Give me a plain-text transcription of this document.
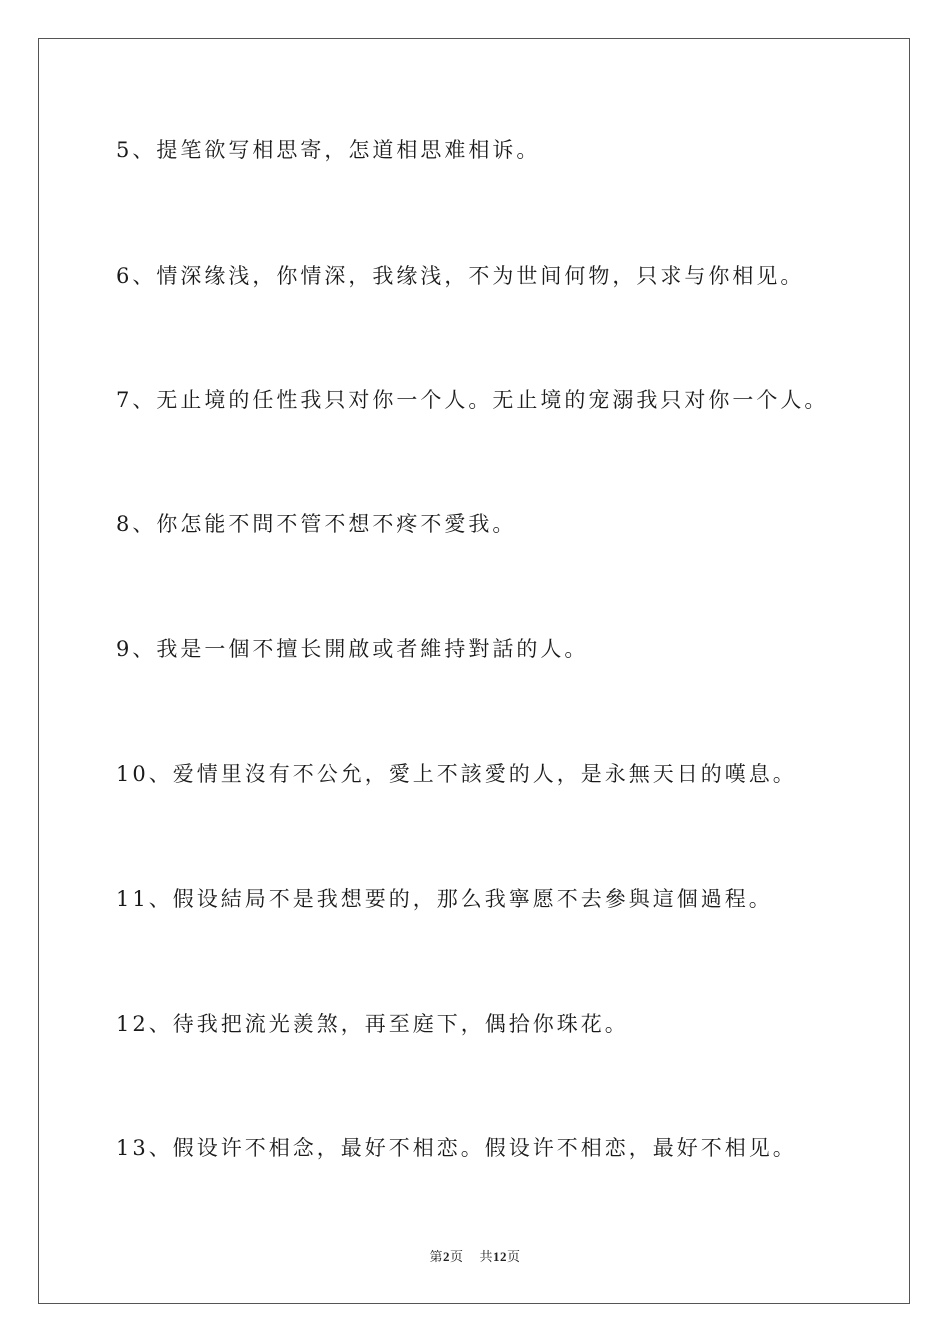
5、提笔欲写相思寄，怎道相思难相诉。
6、情深缘浅，你情深，我缘浅，不为世间何物，只求与你相见。
7、无止境的任性我只对你一个人。无止境的宠溺我只对你一个人。
8、你怎能不問不管不想不疼不愛我。
9、我是一個不擅长開啟或者維持對話的人。
10、爱情里沒有不公允，愛上不該愛的人，是永無天日的嘆息。
11、假设結局不是我想要的，那么我寧愿不去參與這個過程。
12、待我把流光羨煞，再至庭下，偶拾你珠花。
13、假设许不相念，最好不相恋。假设许不相恋，最好不相见。
第2页 共12页
